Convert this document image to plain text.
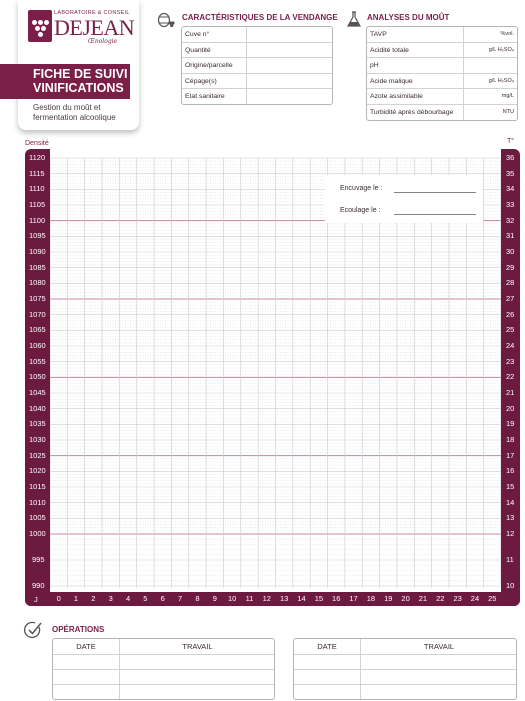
LABORATOIRE & CONSEIL
DEJEAN
Œnologie
FICHE DE SUIVI
VINIFICATIONS
Gestion du moût et
fermentation alcoolique
CARACTÉRISTIQUES DE LA VENDANGE
Cuve n°
Quantité
Origine/parcelle
Cépage(s)
Etat sanitaire
ANALYSES DU MOÛT
TAVP	%vol.
Acidité totale	g/L H₂SO₄
pH
Acide malique	g/L H₂SO₄
Azote assimilable	mg/L
Turbidité après débourbage	NTU
Densité	T°
1120
1115
1110
1105
1100
1095
1090
1085
1080
1075
1070
1065
1060
1055
1050
1045
1040
1035
1030
1025
1020
1015
1010
1005
1000
995
990
36
35
34
33
32
31
30
29
28
27
26
25
24
23
22
21
20
19
18
17
16
15
14
13
12
11
10
0	1	2	3	4	5	6	7	8	9	10	11	12	13	14	15	16	17	18	19	20	21	22	23	24	25
J
Encuvage le :
Ecoulage le :
OPÉRATIONS
DATE	TRAVAIL	DATE	TRAVAIL
